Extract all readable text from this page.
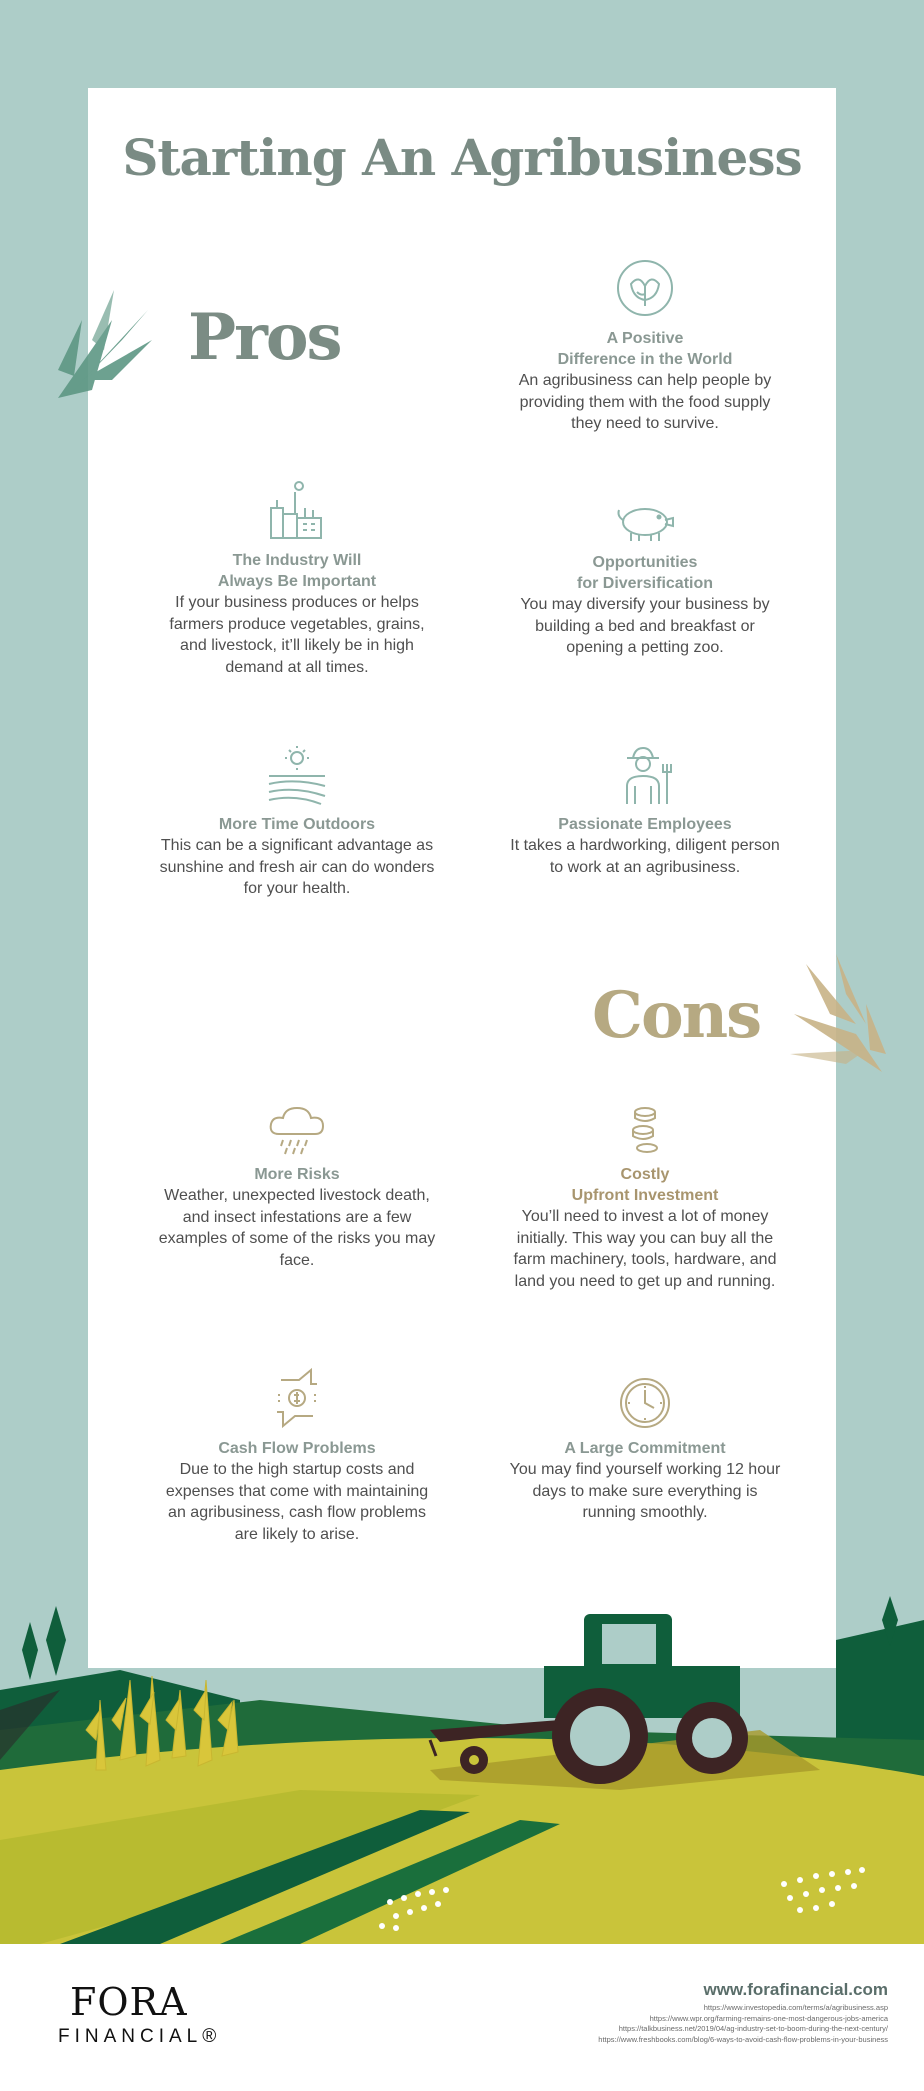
Starting An Agribusiness
Pros	A Positive
Difference in the World

An agribusiness can help people by providing them with the food supply they need to survive.

The Industry Will
Always Be Important

If your business produces or helps farmers produce vegetables, grains, and livestock, it’ll likely be in high demand at all times.

Opportunities
for Diversification

You may diversify your business by building a bed and breakfast or opening a petting zoo.

More Time Outdoors

This can be a significant advantage as sunshine and fresh air can do wonders for your health.

Passionate Employees

It takes a hardworking, diligent person to work at an agribusiness.

Cons
More Risks

Weather, unexpected livestock death, and insect infestations are a few examples of some of the risks you may face.

Costly
Upfront Investment

You’ll need to invest a lot of money initially. This way you can buy all the farm machinery, tools, hardware, and land you need to get up and running.

Cash Flow Problems

Due to the high startup costs and expenses that come with maintaining an agribusiness, cash flow problems are likely to arise.

A Large Commitment

You may find yourself working 12 hour days to make sure everything is running smoothly.

FORA
FINANCIAL®
www.forafinancial.com
https://www.investopedia.com/terms/a/agribusiness.asp
https://www.wpr.org/farming-remains-one-most-dangerous-jobs-america
https://talkbusiness.net/2019/04/ag-industry-set-to-boom-during-the-next-century/
https://www.freshbooks.com/blog/6-ways-to-avoid-cash-flow-problems-in-your-business
